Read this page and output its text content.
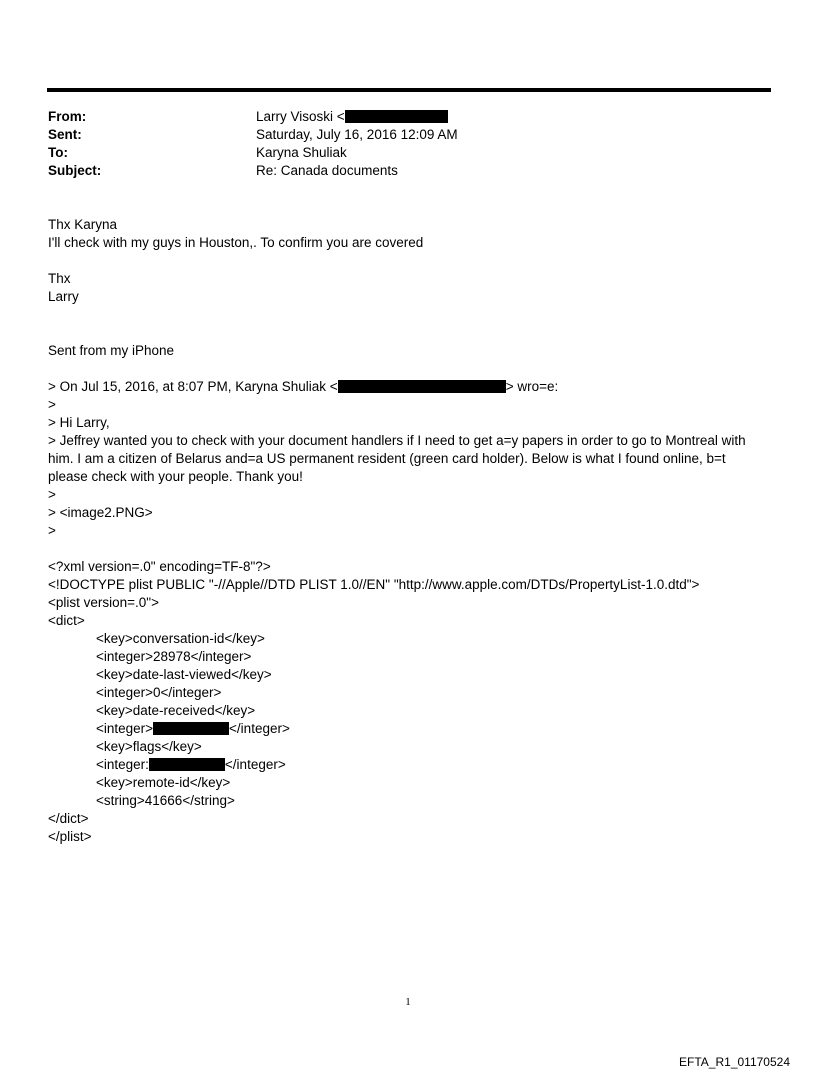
From:	Larry Visoski <
Sent:	Saturday, July 16, 2016 12:09 AM
To:	Karyna Shuliak
Subject:	Re: Canada documents
Thx Karyna
I'll check with my guys in Houston,. To confirm you are covered
Thx
Larry
Sent from my iPhone
> On Jul 15, 2016, at 8:07 PM, Karyna Shuliak <	> wro=e:
>
> Hi Larry,
> Jeffrey wanted you to check with your document handlers if I need to get a=y papers in order to go to Montreal with him. I am a citizen of Belarus and=a US permanent resident (green card holder). Below is what I found online, b=t please check with your people. Thank you!
>
> <image2.PNG>
>
<?xml version=.0" encoding=TF-8"?>
<!DOCTYPE plist PUBLIC "-//Apple//DTD PLIST 1.0//EN" "http://www.apple.com/DTDs/PropertyList-1.0.dtd">
<plist version=.0">
<dict>
<key>conversation-id</key>
<integer>28978</integer>
<key>date-last-viewed</key>
<integer>0</integer>
<key>date-received</key>
<integer>	</integer>
<key>flags</key>
<integer:	</integer>
<key>remote-id</key>
<string>41666</string>
</dict>
</plist>
1
EFTA_R1_01170524
